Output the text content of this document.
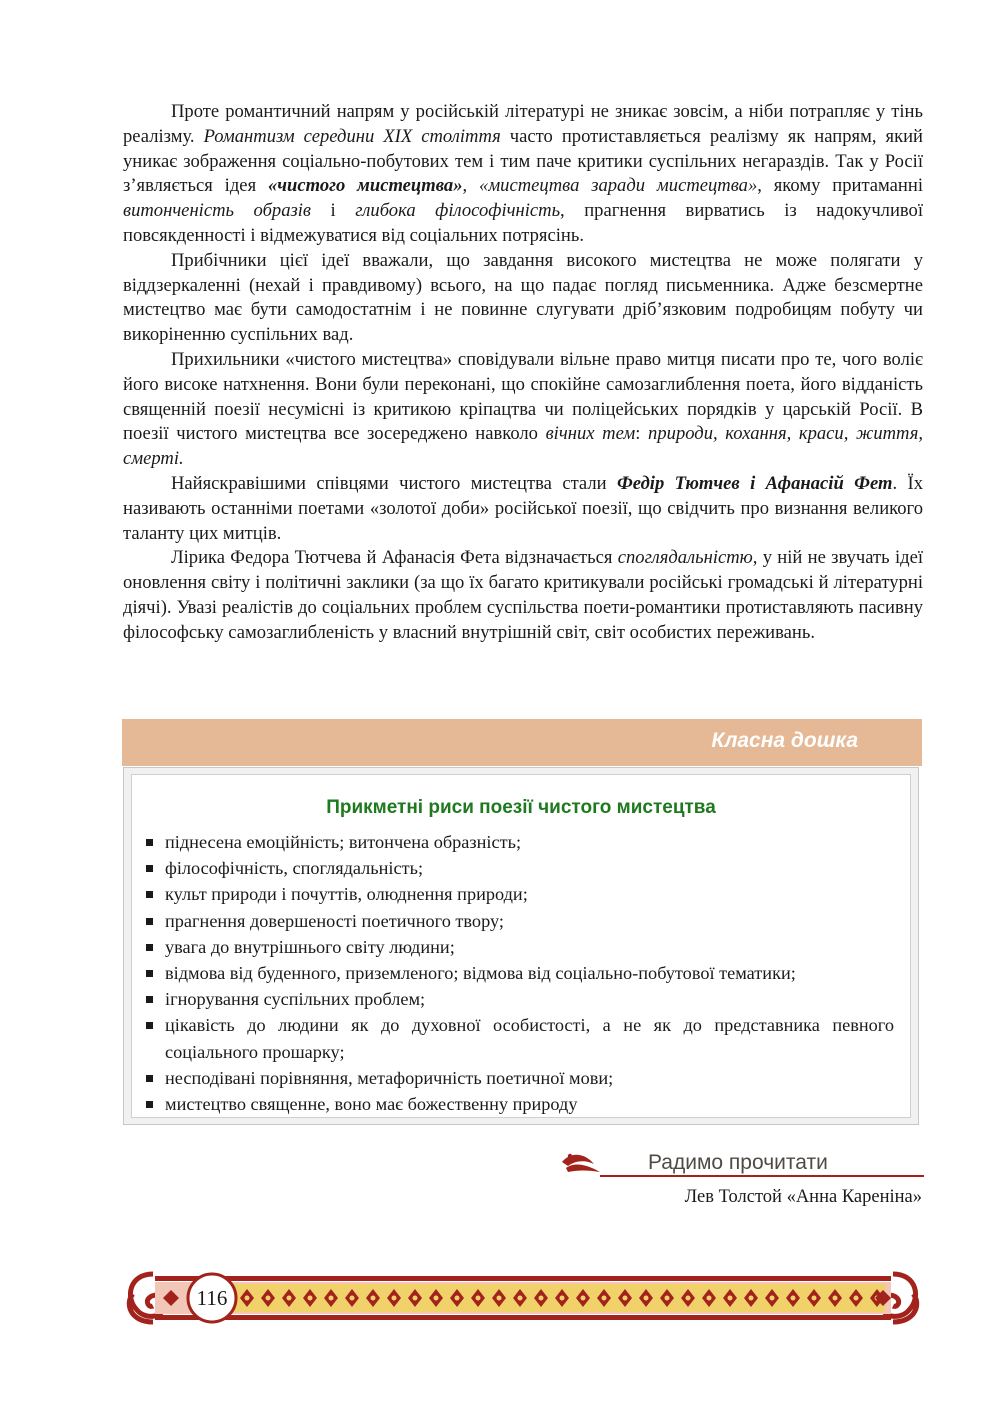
Проте романтичний напрям у російській літературі не зникає зовсім, а ніби потрапляє у тінь реалізму. Романтизм середини XIX століття часто протиставляється реалізму як напрям, який уникає зображення соціально-побутових тем і тим паче критики суспільних негараздів. Так у Росії з’являється ідея «чистого мистецтва», «мистецтва заради мистецтва», якому притаманні витонченість образів і глибока філософічність, прагнення вирватись із надокучливої повсякденності і відмежуватися від соціальних потрясінь.

Прибічники цієї ідеї вважали, що завдання високого мистецтва не може полягати у віддзеркаленні (нехай і правдивому) всього, на що падає погляд письменника. Адже безсмертне мистецтво має бути самодостатнім і не повинне слугувати дріб’язковим подробицям побуту чи викоріненню суспільних вад.

Прихильники «чистого мистецтва» сповідували вільне право митця писати про те, чого воліє його високе натхнення. Вони були переконані, що спокійне самозаглиблення поета, його відданість священній поезії несумісні із критикою кріпацтва чи поліцейських порядків у царській Росії. В поезії чистого мистецтва все зосереджено навколо вічних тем: природи, кохання, краси, життя, смерті.

Найяскравішими співцями чистого мистецтва стали Федір Тютчев і Афанасій Фет. Їх називають останніми поетами «золотої доби» російської поезії, що свідчить про визнання великого таланту цих митців.

Лірика Федора Тютчева й Афанасія Фета відзначається споглядальністю, у ній не звучать ідеї оновлення світу і політичні заклики (за що їх багато критикували російські громадські й літературні діячі). Увазі реалістів до соціальних проблем суспільства поети-романтики протиставляють пасивну філософську самозаглибленість у власний внутрішній світ, світ особистих переживань.

Класна дошка
Прикметні риси поезії чистого мистецтва
піднесена емоційність; витончена образність;
філософічність, споглядальність;
культ природи і почуттів, олюднення природи;
прагнення довершеності поетичного твору;
увага до внутрішнього світу людини;
відмова від буденного, приземленого; відмова від соціально-побутової тематики;
ігнорування суспільних проблем;
цікавість до людини як до духовної особистості, а не як до представника певного соціального прошарку;
несподівані порівняння, метафоричність поетичної мови;
мистецтво священне, воно має божественну природу
Радимо прочитати
Лев Толстой «Анна Кареніна»
116
